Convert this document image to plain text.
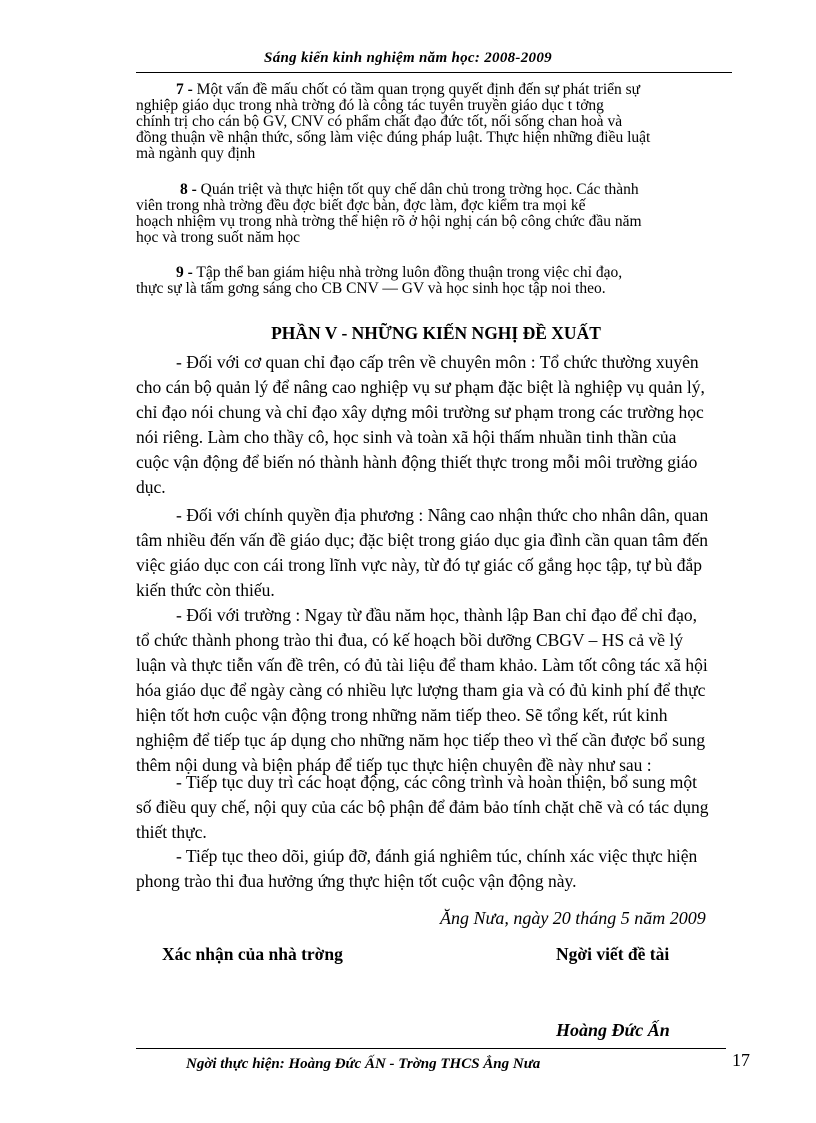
Sáng kiến kinh nghiệm năm học: 2008-2009
7 - Một vấn đề mấu chốt có tầm quan trọng quyết định đến sự phát triển sự
nghiệp giáo dục trong nhà trờng đó là công tác tuyên truyền giáo dục t tởng
chính trị cho cán bộ GV, CNV có phẩm chất đạo đức tốt, nối sống chan hoà và
đồng thuận về nhận thức, sống làm việc đúng pháp luật. Thực hiện những điều luật
mà ngành quy định
8 - Quán triệt và thực hiện tốt quy chế dân chủ trong trờng học. Các thành
viên trong nhà trờng đều đợc biết đợc bàn, đợc làm, đợc kiểm tra mọi kế
hoạch nhiệm vụ trong nhà trờng thể hiện rõ ở hội nghị cán bộ công chức đầu năm
học và trong suốt năm học
9 - Tập thể ban giám hiệu nhà trờng luôn đồng thuận trong việc chỉ đạo,
thực sự là tấm gơng sáng cho CB CNV — GV và học sinh học tập noi theo.
PHẦN V - NHỮNG KIẾN NGHỊ ĐỀ XUẤT
- Đối với cơ quan chỉ đạo cấp trên về chuyên môn : Tổ chức thường xuyên
cho cán bộ quản lý để nâng cao nghiệp vụ sư phạm đặc biệt là nghiệp vụ quản lý,
chỉ đạo nói chung và chỉ đạo xây dựng môi trường sư phạm trong các trường học
nói riêng. Làm cho thầy cô, học sinh và toàn xã hội thấm nhuần tinh thần của
cuộc vận động để biến nó thành hành động thiết thực trong mỗi môi trường giáo
dục.
- Đối với chính quyền địa phương : Nâng cao nhận thức cho nhân dân, quan
tâm nhiều đến vấn đề giáo dục; đặc biệt trong giáo dục gia đình cần quan tâm đến
việc giáo dục con cái trong lĩnh vực này, từ đó tự giác cố gắng học tập, tự bù đắp
kiến thức còn thiếu.
- Đối với trường : Ngay từ đầu năm học, thành lập Ban chỉ đạo để chỉ đạo,
tổ chức thành phong trào thi đua, có kế hoạch bồi dưỡng CBGV – HS cả về lý
luận và thực tiễn vấn đề trên, có đủ tài liệu để tham khảo. Làm tốt công tác xã hội
hóa giáo dục để ngày càng có nhiều lực lượng tham gia và có đủ kinh phí để thực
hiện tốt hơn cuộc vận động trong những năm tiếp theo. Sẽ tổng kết, rút kinh
nghiệm để tiếp tục áp dụng cho những năm học tiếp theo vì thế cần được bổ sung
thêm nội dung và biện pháp để tiếp tục thực hiện chuyên đề này như sau :
- Tiếp tục duy trì các hoạt động, các công trình và hoàn thiện, bổ sung một
số điều quy chế, nội quy của các bộ phận để đảm bảo tính chặt chẽ và có tác dụng
thiết thực.
- Tiếp tục theo dõi, giúp đỡ, đánh giá nghiêm túc, chính xác việc thực hiện
phong trào thi đua hưởng ứng thực hiện tốt cuộc vận động này.
Ăng Nưa, ngày 20 tháng 5 năm 2009
Xác nhận của nhà trờng	Ngời viết đề tài
Hoàng Đức Ấn
Ngời thực hiện: Hoàng Đức ẤN - Trờng THCS Ẳng Nưa	17
